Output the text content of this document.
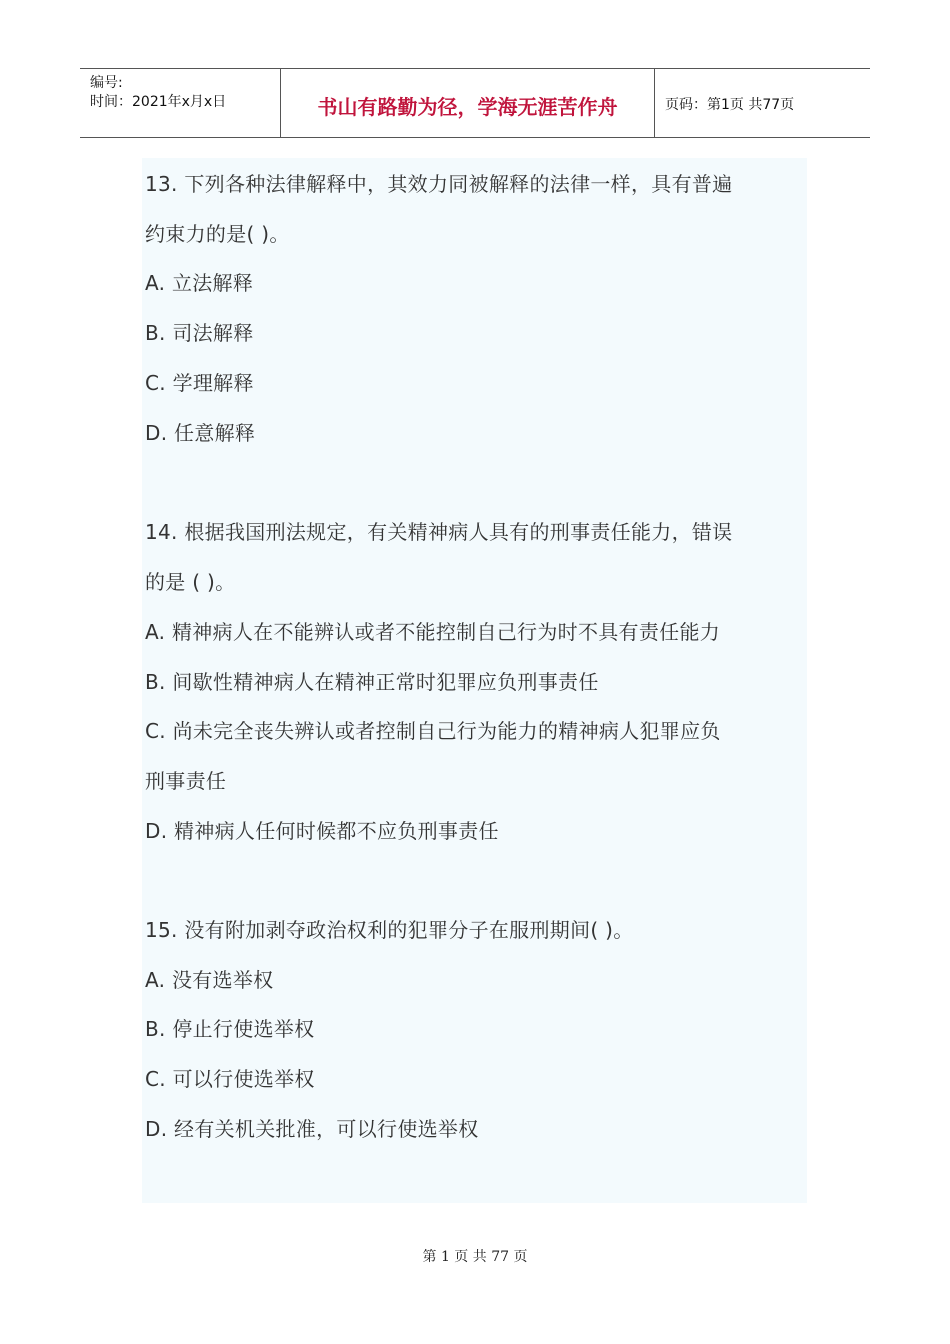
编号:
时间：2021年x月x日	书山有路勤为径，学海无涯苦作舟	页码：第1页 共77页
13. 下列各种法律解释中，其效力同被解释的法律一样，具有普遍
约束力的是( )。
A. 立法解释
B. 司法解释
C. 学理解释
D. 任意解释
14. 根据我国刑法规定，有关精神病人具有的刑事责任能力，错误
的是 ( )。
A. 精神病人在不能辨认或者不能控制自己行为时不具有责任能力
B. 间歇性精神病人在精神正常时犯罪应负刑事责任
C. 尚未完全丧失辨认或者控制自己行为能力的精神病人犯罪应负
刑事责任
D. 精神病人任何时候都不应负刑事责任
15. 没有附加剥夺政治权利的犯罪分子在服刑期间( )。
A. 没有选举权
B. 停止行使选举权
C. 可以行使选举权
D. 经有关机关批准，可以行使选举权
第 1 页 共 77 页
